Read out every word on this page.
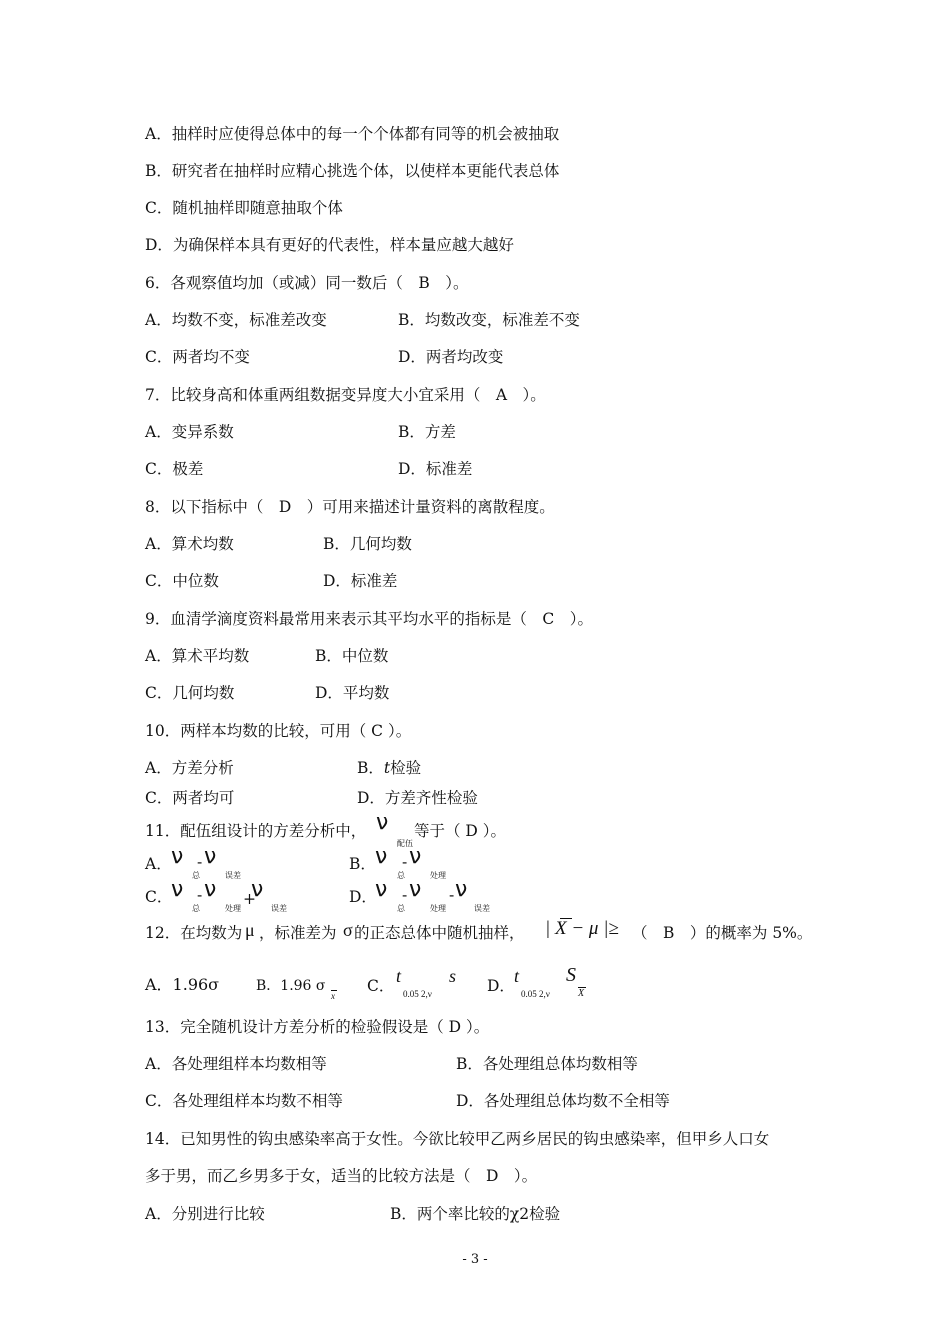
A．抽样时应使得总体中的每一个个体都有同等的机会被抽取
B．研究者在抽样时应精心挑选个体，以使样本更能代表总体
C．随机抽样即随意抽取个体
D．为确保样本具有更好的代表性，样本量应越大越好
6．各观察值均加（或减）同一数后（　B　）。
A．均数不变，标准差改变	B．均数改变，标准差不变
C．两者均不变	D．两者均改变
7．比较身高和体重两组数据变异度大小宜采用（　A　）。
A．变异系数	B．方差
C．极差	D．标准差
8．以下指标中（　D　）可用来描述计量资料的离散程度。
A．算术均数	B．几何均数
C．中位数	D．标准差
9．血清学滴度资料最常用来表示其平均水平的指标是（　C　）。
A．算术平均数	B．中位数
C．几何均数	D．平均数
10．两样本均数的比较，可用（ C ）。
A．方差分析	B．t检验
C．两者均可	D．方差齐性检验
11．配伍组设计的方差分析中， ν
配伍
等于（ D ）。
A． ν - ν
总	误差
B． ν - ν
总	处理
C．
ν - ν +
ν
总	处理	误差
D．
ν - ν - ν
总	处理	误差
12．在均数为 μ ，标准差为 σ 的正态总体中随机抽样， | X − μ |≥ （　B　）的概率为 5%。
A．1.96σ	B．1.96 σ
x
C． t
0.05 2,ν
s D． t
0.05 2,ν
S
X
13．完全随机设计方差分析的检验假设是（ D ）。
A．各处理组样本均数相等	B．各处理组总体均数相等
C．各处理组样本均数不相等	D．各处理组总体均数不全相等
14．已知男性的钩虫感染率高于女性。今欲比较甲乙两乡居民的钩虫感染率，但甲乡人口女
多于男，而乙乡男多于女，适当的比较方法是（　D　）。
A．分别进行比较	B．两个率比较的χ2检验
- 3 -
